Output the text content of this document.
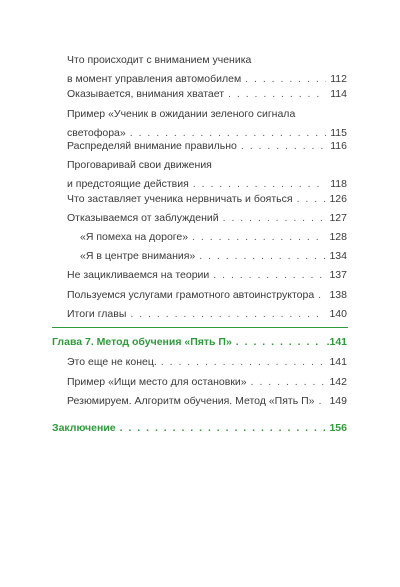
Что происходит с вниманием ученика
в момент управления автомобилем . . .	112
Оказывается, внимания хватает . . .	114
Пример «Ученик в ожидании зеленого сигнала
светофора» . . .	115
Распределяй внимание правильно . . .	116
Проговаривай свои движения
и предстоящие действия . . .	118
Что заставляет ученика нервничать и бояться . . .	126
Отказываемся от заблуждений . . .	127
«Я помеха на дороге» . . .	128
«Я в центре внимания» . . .	134
Не зацикливаемся на теории . . .	137
Пользуемся услугами грамотного автоинструктора . . . 138
Итоги главы . . .	140
Глава 7. Метод обучения «Пять П» . . .	.141
Это еще не конец. . . .	141
Пример «Ищи место для остановки» . . .	142
Резюмируем. Алгоритм обучения. Метод «Пять П» . . . 149
Заключение . . .	156
